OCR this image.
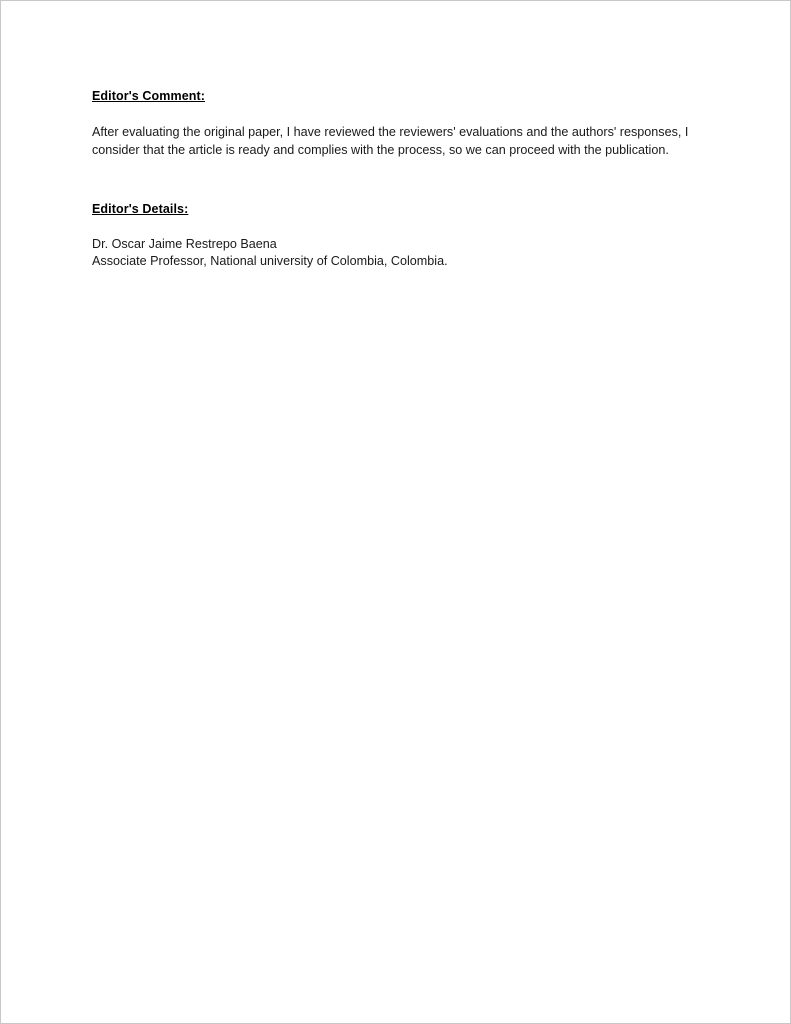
Editor's Comment:
After evaluating the original paper, I have reviewed the reviewers' evaluations and the authors' responses, I consider that the article is ready and complies with the process, so we can proceed with the publication.
Editor's Details:
Dr. Oscar Jaime Restrepo Baena
Associate Professor, National university of Colombia, Colombia.
